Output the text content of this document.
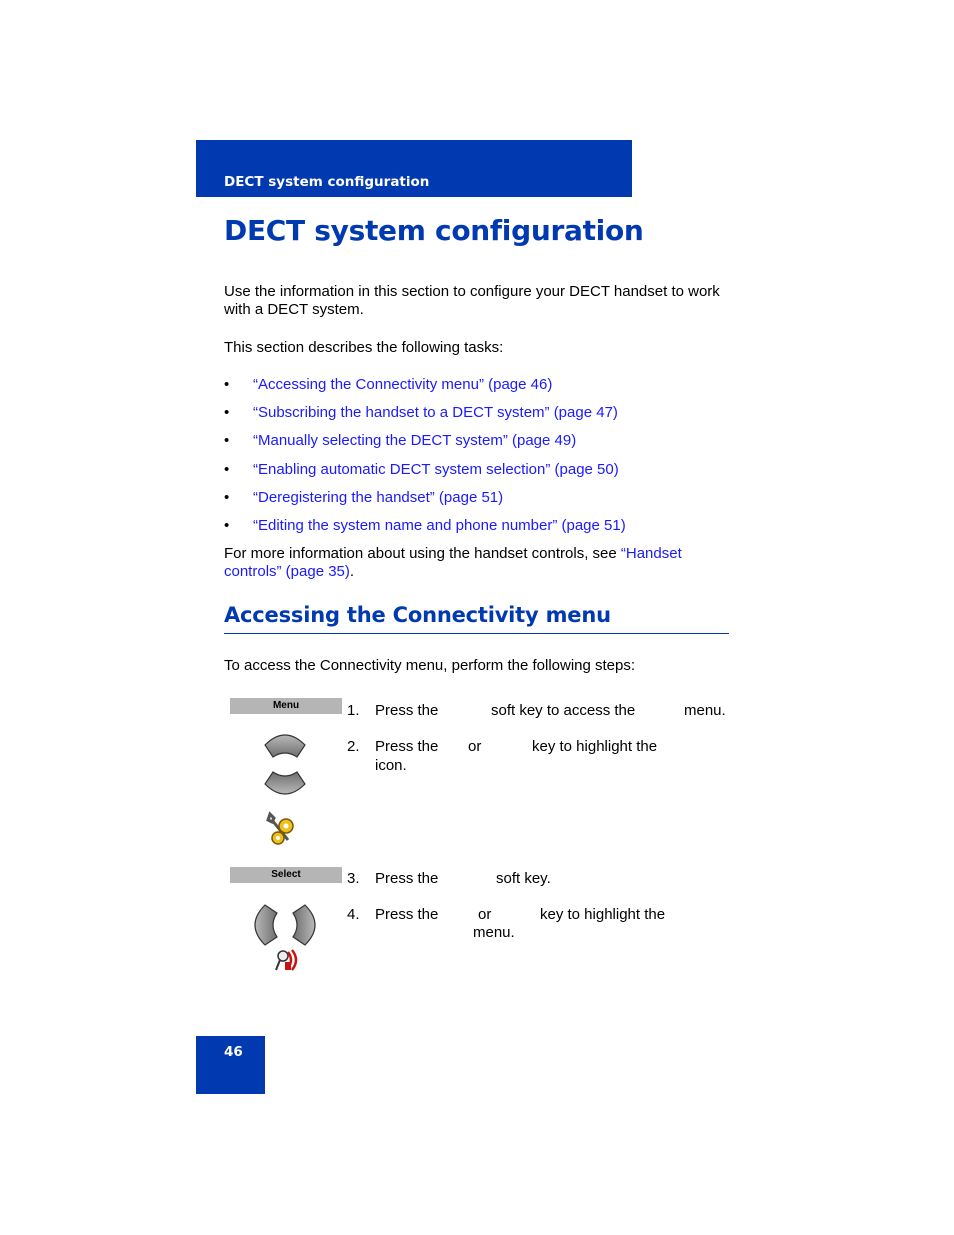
DECT system configuration
DECT system configuration
Use the information in this section to configure your DECT handset to work with a DECT system.
This section describes the following tasks:
• “Accessing the Connectivity menu” (page 46)
• “Subscribing the handset to a DECT system” (page 47)
• “Manually selecting the DECT system” (page 49)
• “Enabling automatic DECT system selection” (page 50)
• “Deregistering the handset” (page 51)
• “Editing the system name and phone number” (page 51)
For more information about using the handset controls, see “Handset controls” (page 35).
Accessing the Connectivity menu
To access the Connectivity menu, perform the following steps:
Menu	1. Press the	soft key to access the	menu.
2. Press the or	key to highlight the
icon.
Select	3. Press the	soft key.
4. Press the	or	key to highlight the
menu.
46
